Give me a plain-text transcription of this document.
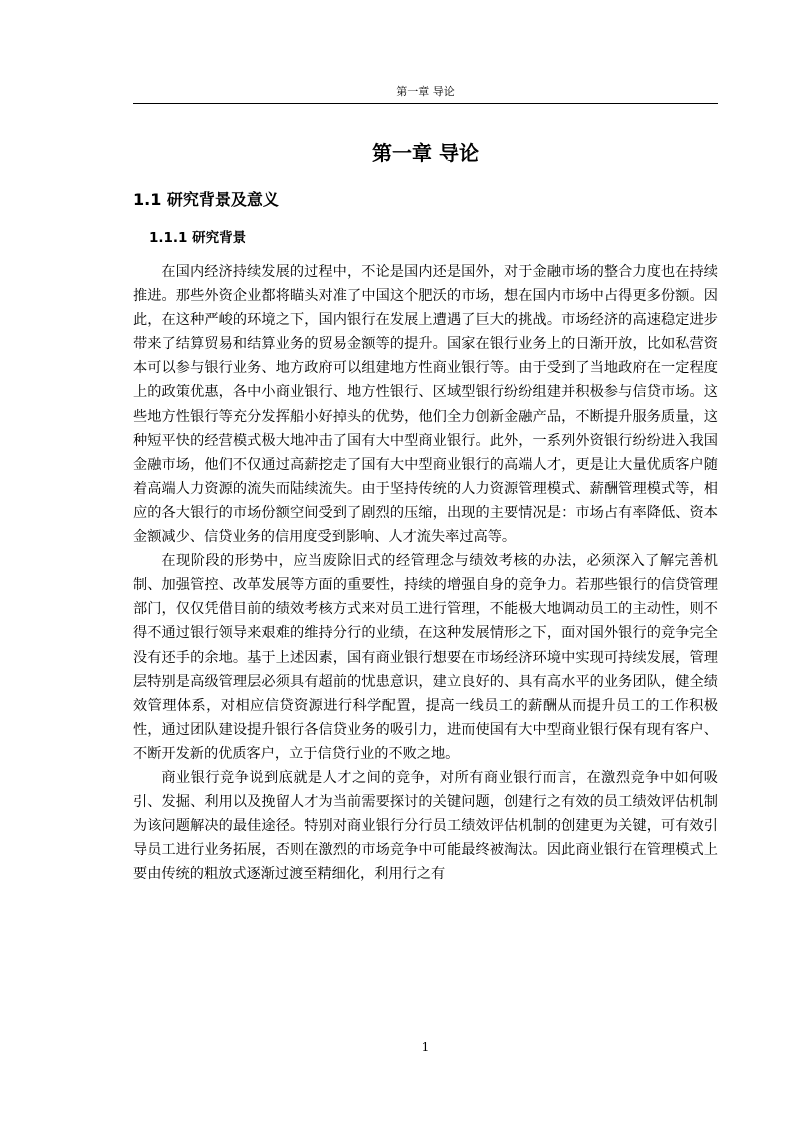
第一章 导论
第一章 导论
1.1 研究背景及意义
1.1.1 研究背景

在国内经济持续发展的过程中，不论是国内还是国外，对于金融市场的整合力度也在持续推进。那些外资企业都将瞄头对准了中国这个肥沃的市场，想在国内市场中占得更多份额。因此，在这种严峻的环境之下，国内银行在发展上遭遇了巨大的挑战。市场经济的高速稳定进步带来了结算贸易和结算业务的贸易金额等的提升。国家在银行业务上的日渐开放，比如私营资本可以参与银行业务、地方政府可以组建地方性商业银行等。由于受到了当地政府在一定程度上的政策优惠，各中小商业银行、地方性银行、区域型银行纷纷组建并积极参与信贷市场。这些地方性银行等充分发挥船小好掉头的优势，他们全力创新金融产品，不断提升服务质量，这种短平快的经营模式极大地冲击了国有大中型商业银行。此外，一系列外资银行纷纷进入我国金融市场，他们不仅通过高薪挖走了国有大中型商业银行的高端人才，更是让大量优质客户随着高端人力资源的流失而陆续流失。由于坚持传统的人力资源管理模式、薪酬管理模式等，相应的各大银行的市场份额空间受到了剧烈的压缩，出现的主要情况是：市场占有率降低、资本金额减少、信贷业务的信用度受到影响、人才流失率过高等。

在现阶段的形势中，应当废除旧式的经管理念与绩效考核的办法，必须深入了解完善机制、加强管控、改革发展等方面的重要性，持续的增强自身的竞争力。若那些银行的信贷管理部门，仅仅凭借目前的绩效考核方式来对员工进行管理，不能极大地调动员工的主动性，则不得不通过银行领导来艰难的维持分行的业绩，在这种发展情形之下，面对国外银行的竞争完全没有还手的余地。基于上述因素，国有商业银行想要在市场经济环境中实现可持续发展，管理层特别是高级管理层必须具有超前的忧患意识，建立良好的、具有高水平的业务团队，健全绩效管理体系，对相应信贷资源进行科学配置，提高一线员工的薪酬从而提升员工的工作积极性，通过团队建设提升银行各信贷业务的吸引力，进而使国有大中型商业银行保有现有客户、不断开发新的优质客户，立于信贷行业的不败之地。

商业银行竞争说到底就是人才之间的竞争，对所有商业银行而言，在激烈竞争中如何吸引、发掘、利用以及挽留人才为当前需要探讨的关键问题，创建行之有效的员工绩效评估机制为该问题解决的最佳途径。特别对商业银行分行员工绩效评估机制的创建更为关键，可有效引导员工进行业务拓展，否则在激烈的市场竞争中可能最终被淘汰。因此商业银行在管理模式上要由传统的粗放式逐渐过渡至精细化，利用行之有

1
